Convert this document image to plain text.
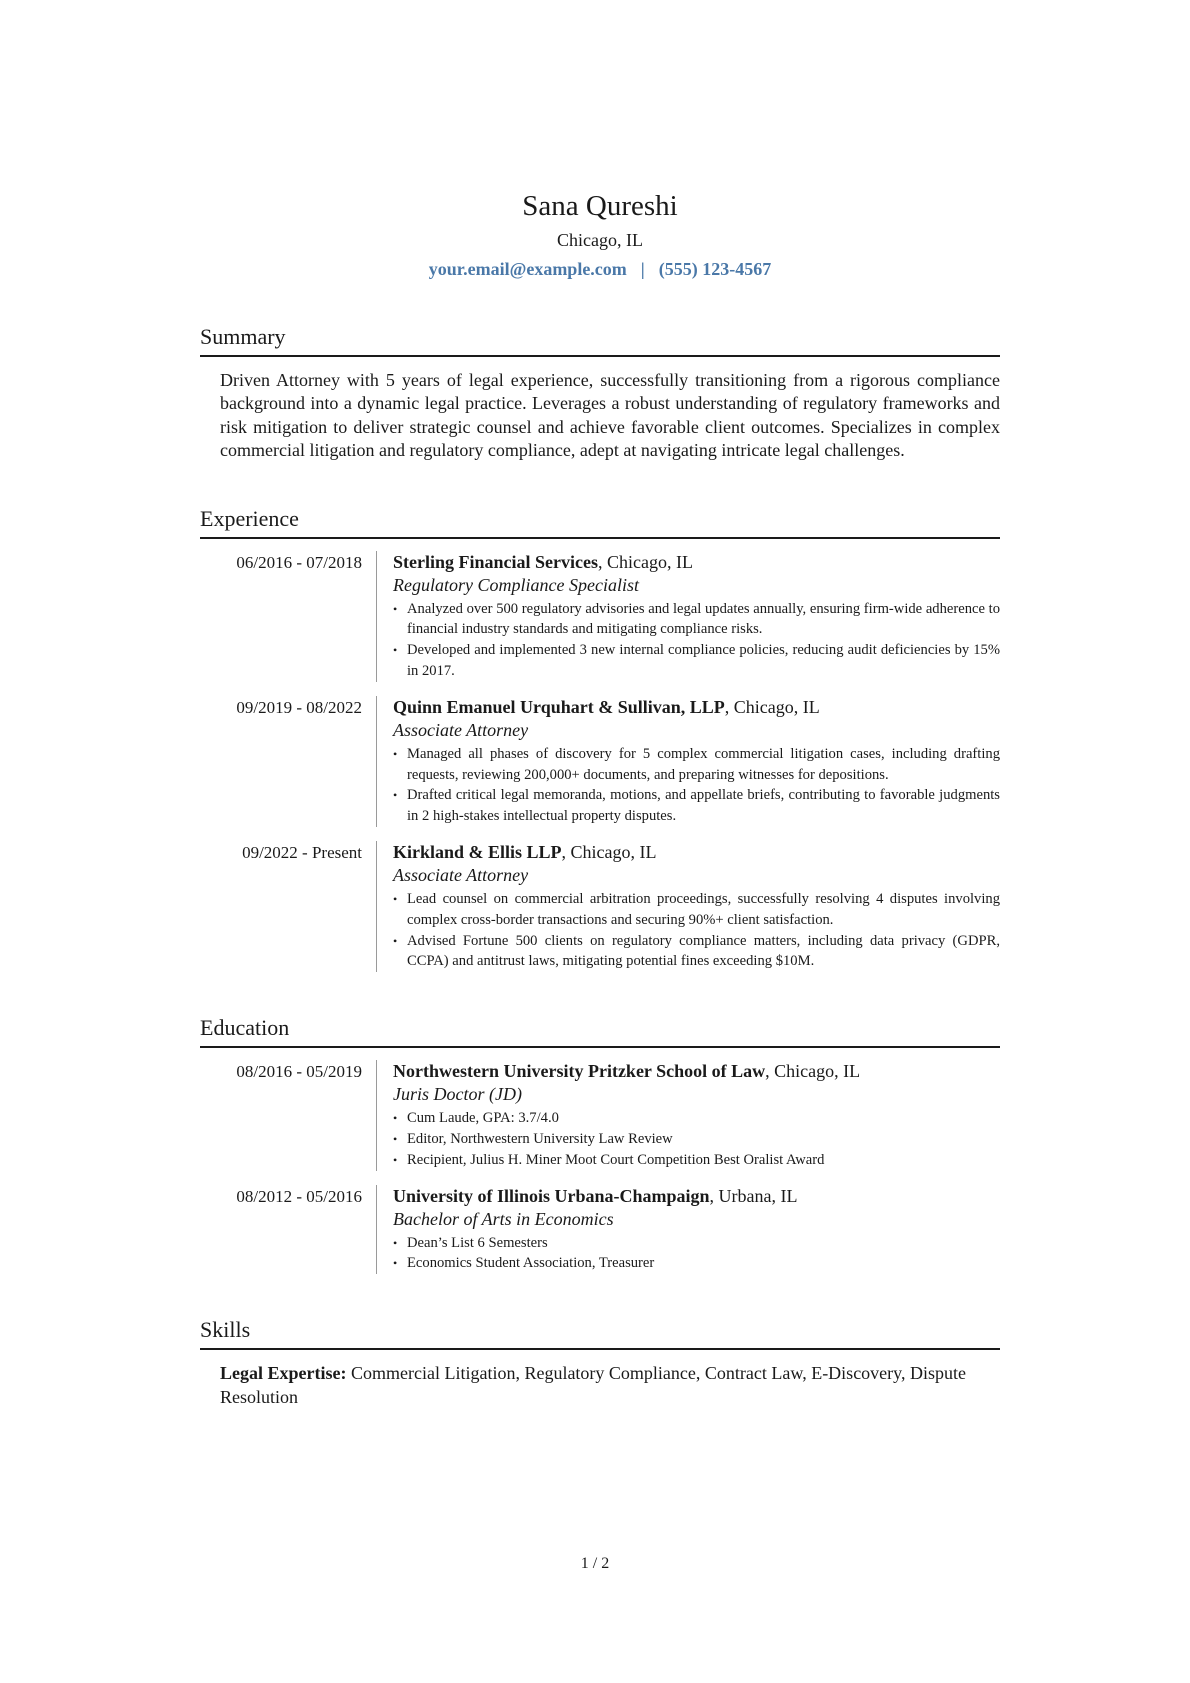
Sana Qureshi
Chicago, IL
your.email@example.com | (555) 123-4567
Summary

Driven Attorney with 5 years of legal experience, successfully transitioning from a rigorous compliance background into a dynamic legal practice. Leverages a robust understanding of regulatory frameworks and risk mitigation to deliver strategic counsel and achieve favorable client outcomes. Specializes in complex commercial litigation and regulatory compliance, adept at navigating intricate legal challenges.

Experience
06/2016 - 07/2018	Sterling Financial Services, Chicago, IL
Regulatory Compliance Specialist
• Analyzed over 500 regulatory advisories and legal updates annually, ensuring firm-wide adherence to financial industry standards and mitigating compliance risks.
• Developed and implemented 3 new internal compliance policies, reducing audit deficiencies by 15% in 2017.
09/2019 - 08/2022	Quinn Emanuel Urquhart & Sullivan, LLP, Chicago, IL
Associate Attorney
• Managed all phases of discovery for 5 complex commercial litigation cases, including drafting requests, reviewing 200,000+ documents, and preparing witnesses for depositions.
• Drafted critical legal memoranda, motions, and appellate briefs, contributing to favorable judgments in 2 high-stakes intellectual property disputes.
09/2022 - Present	Kirkland & Ellis LLP, Chicago, IL
Associate Attorney
• Lead counsel on commercial arbitration proceedings, successfully resolving 4 disputes involving complex cross-border transactions and securing 90%+ client satisfaction.
• Advised Fortune 500 clients on regulatory compliance matters, including data privacy (GDPR, CCPA) and antitrust laws, mitigating potential fines exceeding $10M.
Education
08/2016 - 05/2019	Northwestern University Pritzker School of Law, Chicago, IL
Juris Doctor (JD)
• Cum Laude, GPA: 3.7/4.0
• Editor, Northwestern University Law Review
• Recipient, Julius H. Miner Moot Court Competition Best Oralist Award
08/2012 - 05/2016	University of Illinois Urbana-Champaign, Urbana, IL
Bachelor of Arts in Economics
• Dean’s List 6 Semesters
• Economics Student Association, Treasurer
Skills

Legal Expertise: Commercial Litigation, Regulatory Compliance, Contract Law, E-Discovery, Dispute Resolution

1 / 2
